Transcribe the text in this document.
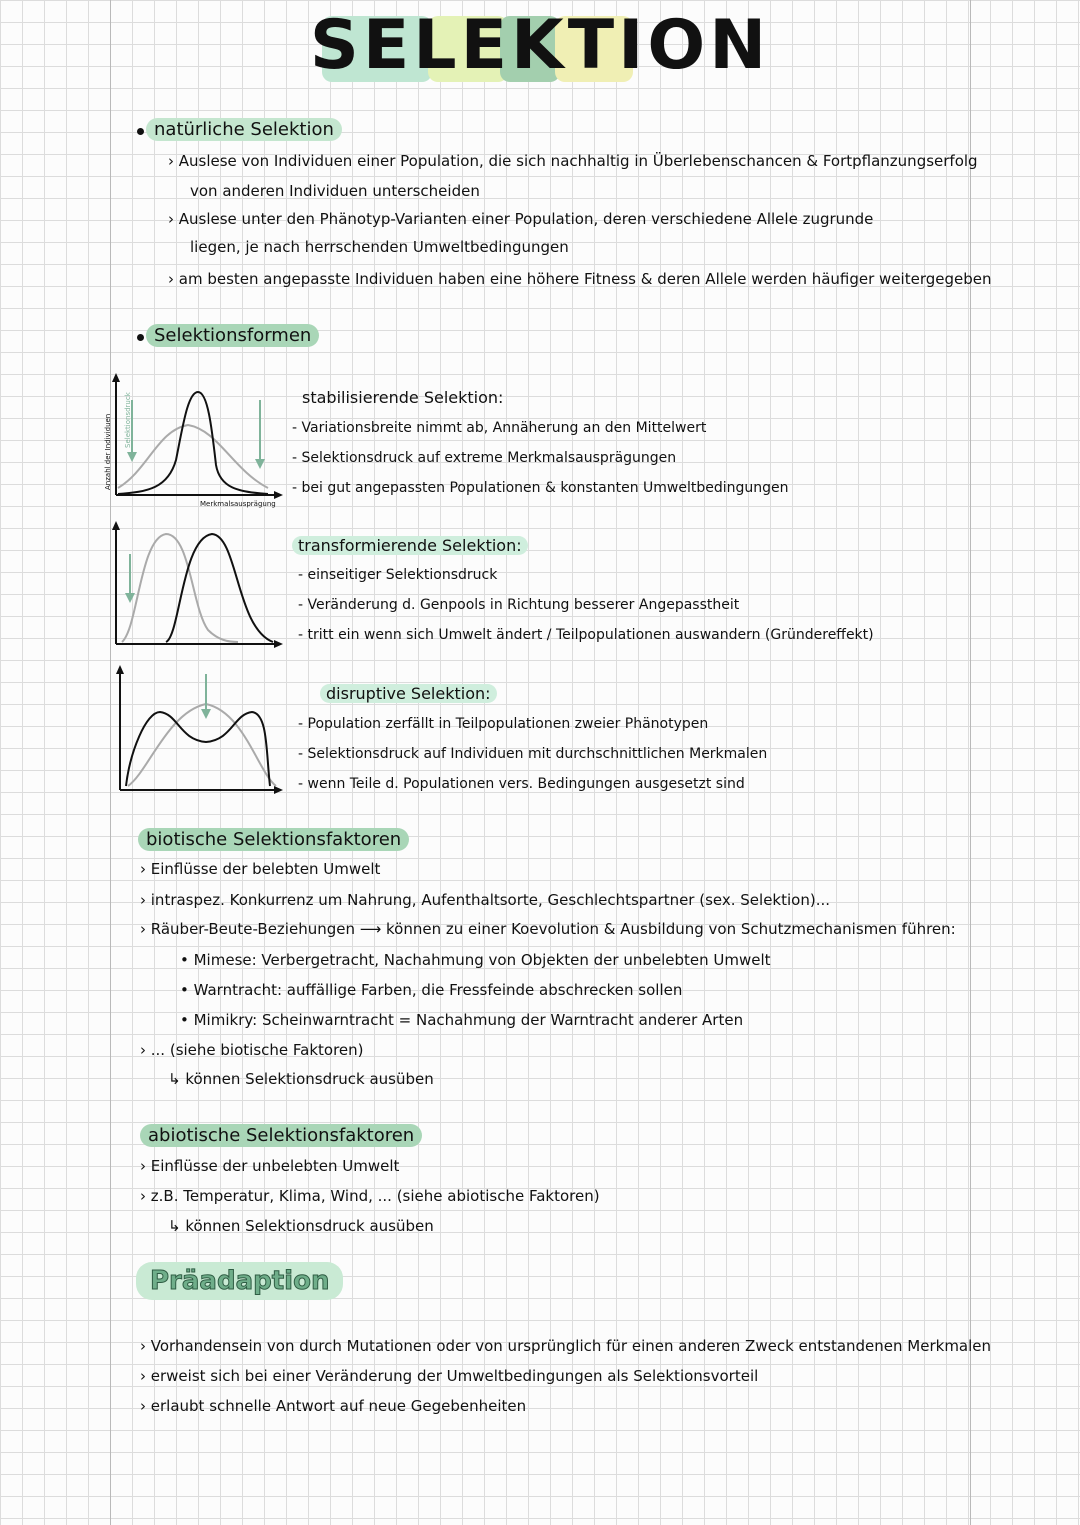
SELEKTION
natürliche Selektion
› Auslese von Individuen einer Population, die sich nachhaltig in Überlebenschancen & Fortpflanzungserfolg
von anderen Individuen unterscheiden
› Auslese unter den Phänotyp-Varianten einer Population, deren verschiedene Allele zugrunde
liegen, je nach herrschenden Umweltbedingungen
› am besten angepasste Individuen haben eine höhere Fitness & deren Allele werden häufiger weitergegeben
Selektionsformen
Selektionsdruck
Anzahl der Individuen
Merkmalsausprägung
stabilisierende Selektion:
- Variationsbreite nimmt ab, Annäherung an den Mittelwert
- Selektionsdruck auf extreme Merkmalsausprägungen
- bei gut angepassten Populationen & konstanten Umweltbedingungen
transformierende Selektion:
- einseitiger Selektionsdruck
- Veränderung d. Genpools in Richtung besserer Angepasstheit
- tritt ein wenn sich Umwelt ändert / Teilpopulationen auswandern (Gründereffekt)
disruptive Selektion:
- Population zerfällt in Teilpopulationen zweier Phänotypen
- Selektionsdruck auf Individuen mit durchschnittlichen Merkmalen
- wenn Teile d. Populationen vers. Bedingungen ausgesetzt sind
biotische Selektionsfaktoren
› Einflüsse der belebten Umwelt
› intraspez. Konkurrenz um Nahrung, Aufenthaltsorte, Geschlechtspartner (sex. Selektion)...
› Räuber-Beute-Beziehungen ⟶ können zu einer Koevolution & Ausbildung von Schutzmechanismen führen:
• Mimese: Verbergetracht, Nachahmung von Objekten der unbelebten Umwelt
• Warntracht: auffällige Farben, die Fressfeinde abschrecken sollen
• Mimikry: Scheinwarntracht = Nachahmung der Warntracht anderer Arten
› ... (siehe biotische Faktoren)
↳ können Selektionsdruck ausüben
abiotische Selektionsfaktoren
› Einflüsse der unbelebten Umwelt
› z.B. Temperatur, Klima, Wind, ... (siehe abiotische Faktoren)
↳ können Selektionsdruck ausüben
Präadaption
› Vorhandensein von durch Mutationen oder von ursprünglich für einen anderen Zweck entstandenen Merkmalen
› erweist sich bei einer Veränderung der Umweltbedingungen als Selektionsvorteil
› erlaubt schnelle Antwort auf neue Gegebenheiten
